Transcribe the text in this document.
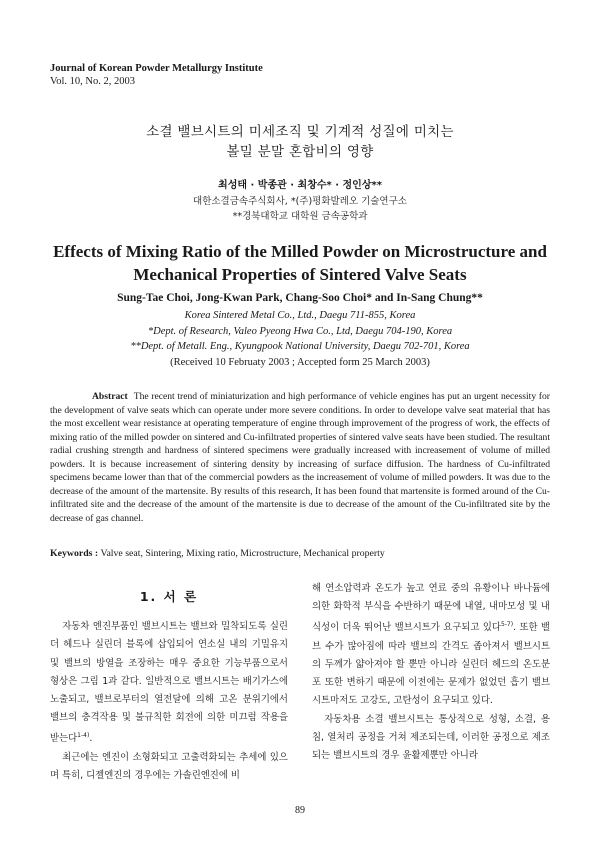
Journal of Korean Powder Metallurgy Institute
Vol. 10, No. 2, 2003
소결 밸브시트의 미세조직 및 기계적 성질에 미치는
볼밀 분말 혼합비의 영향
최성태 · 박종관 · 최창수* · 정인상**
대한소결금속주식회사, *(주)평화발레오 기술연구소
**경북대학교 대학원 금속공학과
Effects of Mixing Ratio of the Milled Powder on Microstructure and
Mechanical Properties of Sintered Valve Seats
Sung-Tae Choi, Jong-Kwan Park, Chang-Soo Choi* and In-Sang Chung**
Korea Sintered Metal Co., Ltd., Daegu 711-855, Korea
*Dept. of Research, Valeo Pyeong Hwa Co., Ltd, Daegu 704-190, Korea
**Dept. of Metall. Eng., Kyungpook National University, Daegu 702-701, Korea
(Received 10 Februaty 2003 ; Accepted form 25 March 2003)
Abstract The recent trend of miniaturization and high performance of vehicle engines has put an urgent necessity for the development of valve seats which can operate under more severe conditions. In order to develope valve seat material that has the most excellent wear resistance at operating temperature of engine through improvement of the progress of work, the effects of mixing ratio of the milled powder on sintered and Cu-infiltrated properties of sintered valve seats have been studied. The resultant radial crushing strength and hardness of sintered specimens were gradually increased with increasement of volume of milled powders. It is because increasement of sintering density by increasing of surface diffusion. The hardness of Cu-infiltrated specimens became lower than that of the commercial powders as the increasement of volume of milled powders. It was due to the decrease of the amount of the martensite. By results of this research, It has been found that martensite is formed around of the Cu-infiltrated site and the decrease of the amount of the martensite is due to decrease of the amount of the Cu-infiltrated site by the decrease of gas channel.
Keywords : Valve seat, Sintering, Mixing ratio, Microstructure, Mechanical property
1. 서 론

자동차 엔진부품인 밸브시트는 밸브와 밀착되도록 실린더 헤드나 실린더 블록에 삽입되어 연소실 내의 기밀유지 및 밸브의 방열을 조장하는 매우 중요한 기능부품으로서 형상은 그림 1과 같다. 일반적으로 밸브시트는 배기가스에 노출되고, 밸브로부터의 열전달에 의해 고온 분위기에서 밸브의 충격작용 및 불규칙한 회전에 의한 미끄럼 작용을 받는다$^{1-4)}$.

최근에는 엔진이 소형화되고 고출력화되는 추세에 있으며 특히, 디젤엔진의 경우에는 가솔린엔진에 비

해 연소압력과 온도가 높고 연료 중의 유황이나 바나듐에 의한 화학적 부식을 수반하기 때문에 내열, 내마모성 및 내식성이 더욱 뛰어난 밸브시트가 요구되고 있다$^{5-7)}$. 또한 밸브 수가 많아짐에 따라 밸브의 간격도 좁아져서 밸브시트의 두께가 얇아져야 할 뿐만 아니라 실린더 헤드의 온도분포 또한 변하기 때문에 이전에는 문제가 없었던 흡기 밸브시트마저도 고강도, 고탄성이 요구되고 있다.

자동차용 소결 밸브시트는 통상적으로 성형, 소결, 용침, 열처리 공정을 거쳐 제조되는데, 이러한 공정으로 제조되는 밸브시트의 경우 윤활제뿐만 아니라

89
